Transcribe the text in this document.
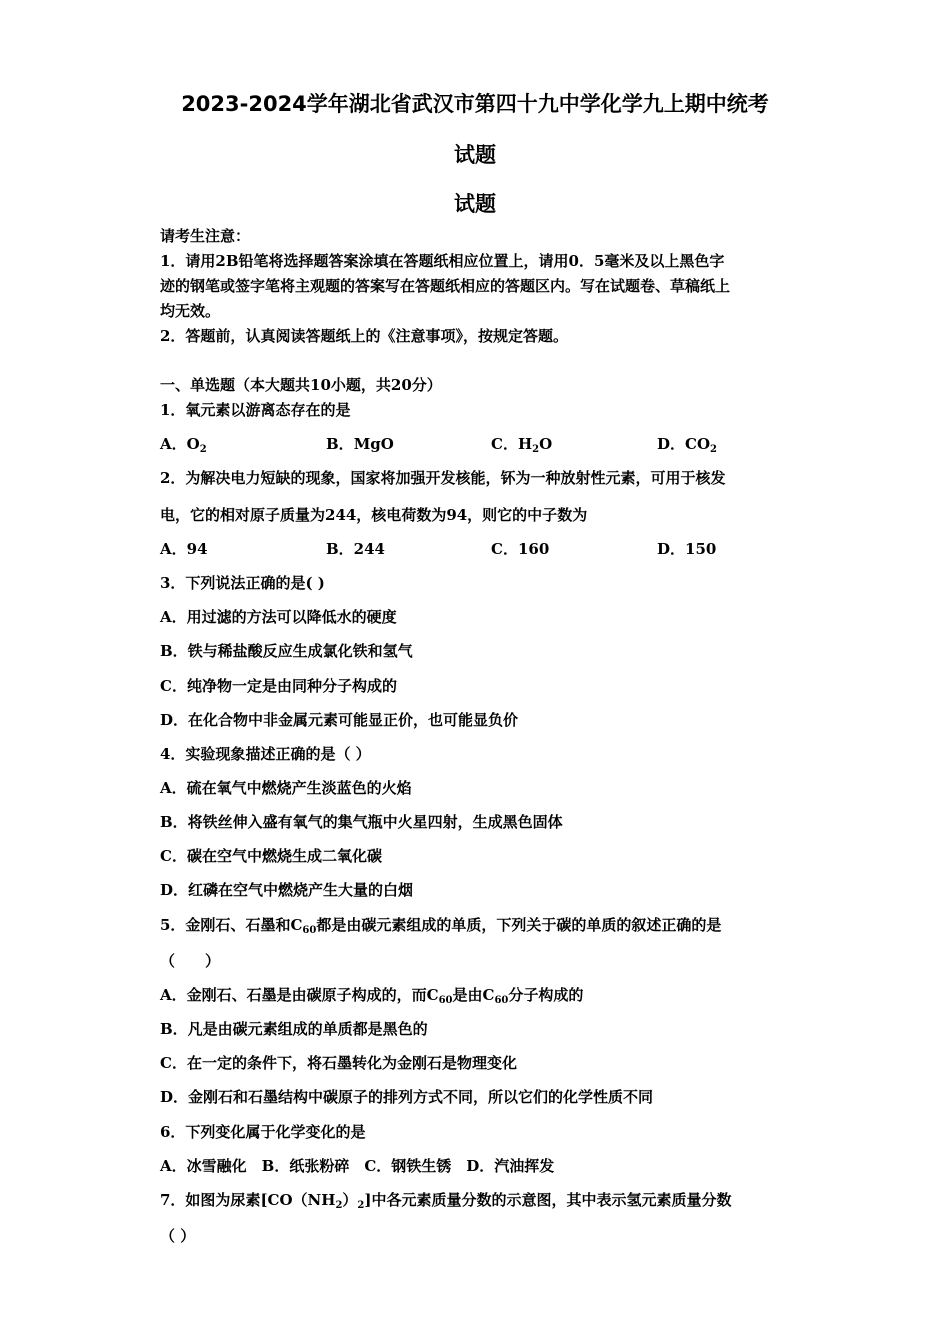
2023-2024学年湖北省武汉市第四十九中学化学九上期中统考
试题
试题
请考生注意：
1．请用2B铅笔将选择题答案涂填在答题纸相应位置上，请用0．5毫米及以上黑色字
迹的钢笔或签字笔将主观题的答案写在答题纸相应的答题区内。写在试题卷、草稿纸上
均无效。
2．答题前，认真阅读答题纸上的《注意事项》，按规定答题。
一、单选题（本大题共10小题，共20分）
1．氧元素以游离态存在的是
A．$O_2$	B．MgO	C．$H_2O$	D．$CO_2$
2．为解决电力短缺的现象，国家将加强开发核能，钚为一种放射性元素，可用于核发
电，它的相对原子质量为244，核电荷数为94，则它的中子数为
A．94	B．244	C．160	D．150
3．下列说法正确的是( )
A．用过滤的方法可以降低水的硬度
B．铁与稀盐酸反应生成氯化铁和氢气
C．纯净物一定是由同种分子构成的
D．在化合物中非金属元素可能显正价，也可能显负价
4．实验现象描述正确的是（ ）
A．硫在氧气中燃烧产生淡蓝色的火焰
B．将铁丝伸入盛有氧气的集气瓶中火星四射，生成黑色固体
C．碳在空气中燃烧生成二氧化碳
D．红磷在空气中燃烧产生大量的白烟
5．金刚石、石墨和$C_{60}$都是由碳元素组成的单质，下列关于碳的单质的叙述正确的是
（　　）
A．金刚石、石墨是由碳原子构成的，而$C_{60}$是由$C_{60}$分子构成的
B．凡是由碳元素组成的单质都是黑色的
C．在一定的条件下，将石墨转化为金刚石是物理变化
D．金刚石和石墨结构中碳原子的排列方式不同，所以它们的化学性质不同
6．下列变化属于化学变化的是
A．冰雪融化　B．纸张粉碎　C．钢铁生锈　D．汽油挥发
7．如图为尿素$[CO(NH_2)_2]$中各元素质量分数的示意图，其中表示氢元素质量分数
（ ）
